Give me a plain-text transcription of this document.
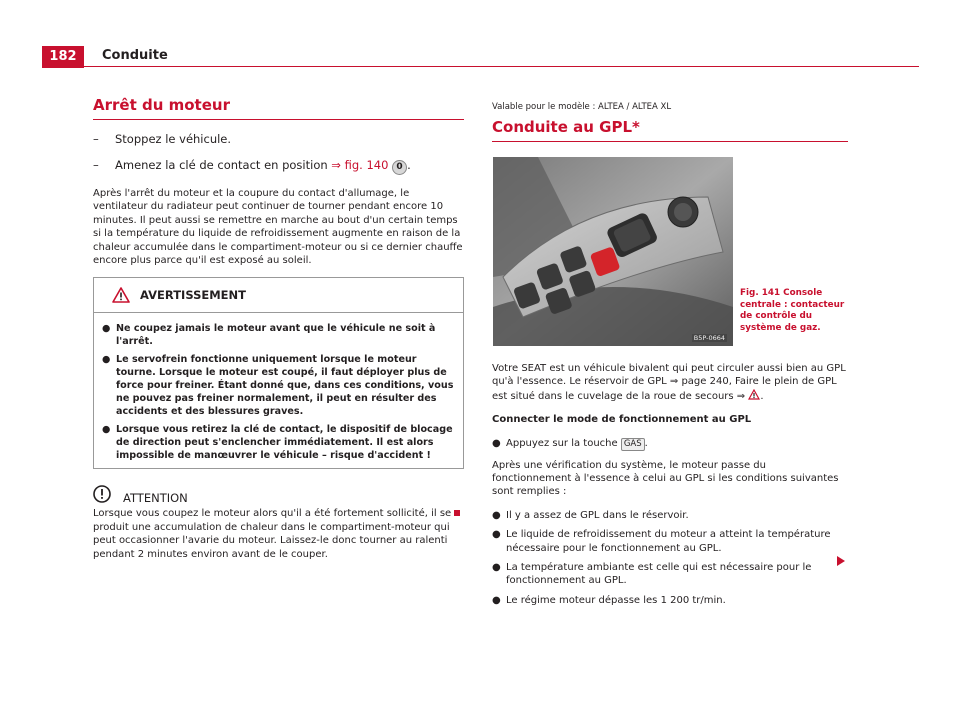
182	Conduite
Arrêt du moteur
–	Stoppez le véhicule.
–	Amenez la clé de contact en position ⇒ fig. 140 0 .

Après l'arrêt du moteur et la coupure du contact d'allumage, le ventilateur du radiateur peut continuer de tourner pendant encore 10 minutes. Il peut aussi se remettre en marche au bout d'un certain temps si la température du liquide de refroidissement augmente en raison de la chaleur accumulée dans le compartiment-moteur ou si ce dernier chauffe encore plus parce qu'il est exposé au soleil.

AVERTISSEMENT
● Ne coupez jamais le moteur avant que le véhicule ne soit à l'arrêt.
● Le servofrein fonctionne uniquement lorsque le moteur tourne. Lorsque le moteur est coupé, il faut déployer plus de force pour freiner. Étant donné que, dans ces conditions, vous ne pouvez pas freiner normalement, il peut en résulter des accidents et des blessures graves.
● Lorsque vous retirez la clé de contact, le dispositif de blocage de direction peut s'enclencher immédiatement. Il est alors impossible de manœuvrer le véhicule – risque d'accident !
ATTENTION

Lorsque vous coupez le moteur alors qu'il a été fortement sollicité, il se produit une accumulation de chaleur dans le compartiment-moteur qui peut occasionner l'avarie du moteur. Laissez-le donc tourner au ralenti pendant 2 minutes environ avant de le couper.

Valable pour le modèle : ALTEA / ALTEA XL
Conduite au GPL*
B5P-0664
Fig. 141 Console centrale : contacteur de contrôle du système de gaz.

Votre SEAT est un véhicule bivalent qui peut circuler aussi bien au GPL qu'à l'essence. Le réservoir de GPL ⇒ page 240, Faire le plein de GPL est situé dans le cuvelage de la roue de secours ⇒ .

Connecter le mode de fonctionnement au GPL

● Appuyez sur la touche GAS .

Après une vérification du système, le moteur passe du fonctionnement à l'essence à celui au GPL si les conditions suivantes sont remplies :

● Il y a assez de GPL dans le réservoir.
● Le liquide de refroidissement du moteur a atteint la température nécessaire pour le fonctionnement au GPL.
● La température ambiante est celle qui est nécessaire pour le fonctionnement au GPL.
● Le régime moteur dépasse les 1 200 tr/min.
